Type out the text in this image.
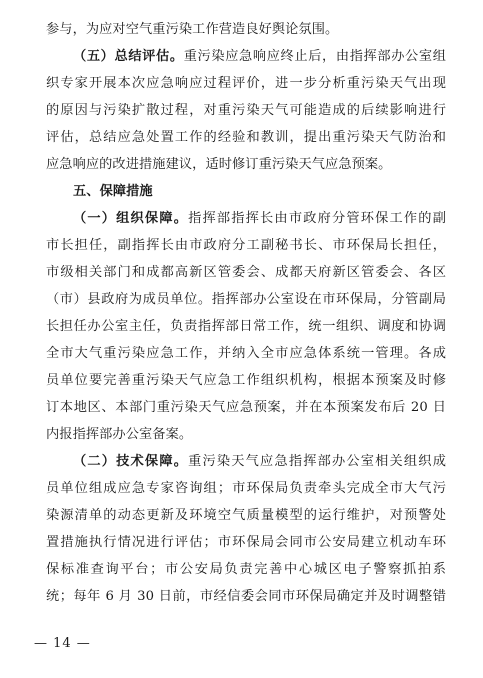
参与，为应对空气重污染工作营造良好舆论氛围。
（五）总结评估。重污染应急响应终止后，由指挥部办公室组
织专家开展本次应急响应过程评价，进一步分析重污染天气出现
的原因与污染扩散过程，对重污染天气可能造成的后续影响进行
评估，总结应急处置工作的经验和教训，提出重污染天气防治和
应急响应的改进措施建议，适时修订重污染天气应急预案。
五、保障措施
（一）组织保障。指挥部指挥长由市政府分管环保工作的副
市长担任，副指挥长由市政府分工副秘书长、市环保局长担任，
市级相关部门和成都高新区管委会、成都天府新区管委会、各区
（市）县政府为成员单位。指挥部办公室设在市环保局，分管副局
长担任办公室主任，负责指挥部日常工作，统一组织、调度和协调
全市大气重污染应急工作，并纳入全市应急体系统一管理。各成
员单位要完善重污染天气应急工作组织机构，根据本预案及时修
订本地区、本部门重污染天气应急预案，并在本预案发布后 20 日
内报指挥部办公室备案。
（二）技术保障。重污染天气应急指挥部办公室相关组织成
员单位组成应急专家咨询组；市环保局负责牵头完成全市大气污
染源清单的动态更新及环境空气质量模型的运行维护，对预警处
置措施执行情况进行评估；市环保局会同市公安局建立机动车环
保标准查询平台；市公安局负责完善中心城区电子警察抓拍系
统；每年 6 月 30 日前，市经信委会同市环保局确定并及时调整错
— 14 —
